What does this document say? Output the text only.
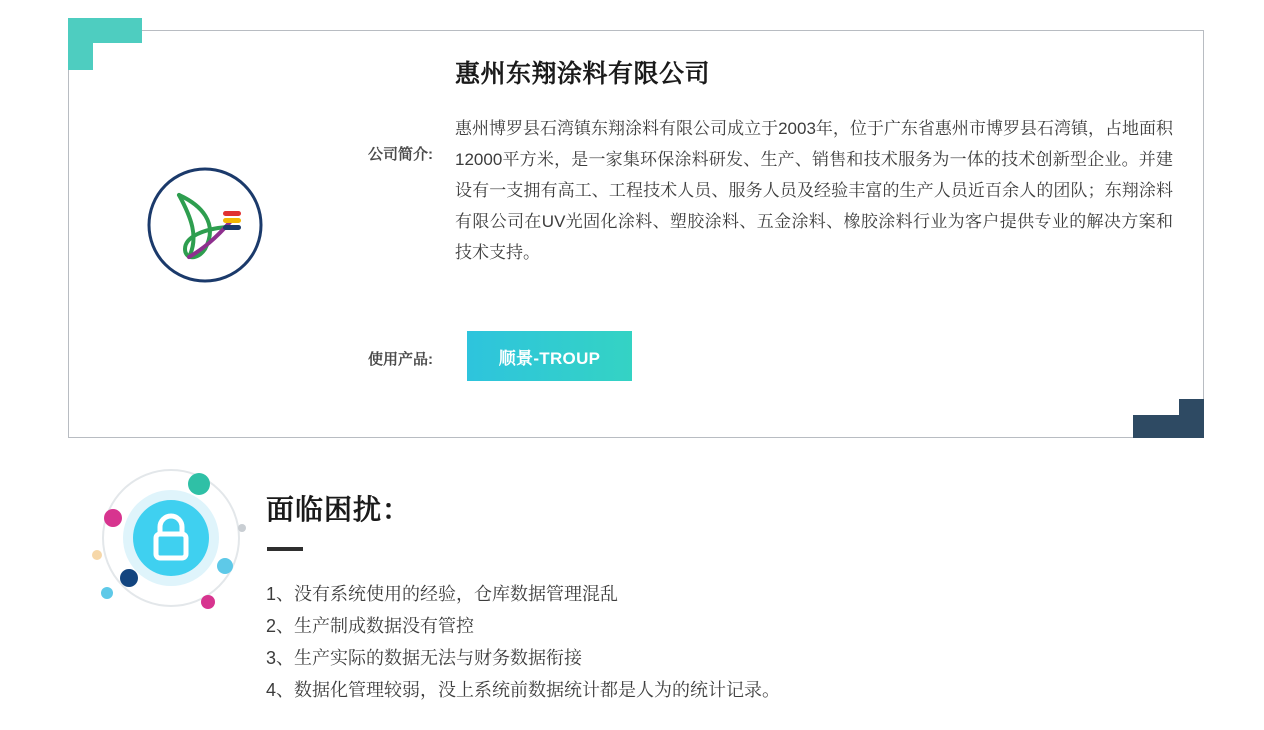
惠州东翔涂料有限公司
公司简介:
惠州博罗县石湾镇东翔涂料有限公司成立于2003年，位于广东省惠州市博罗县石湾镇，占地面积12000平方米，是一家集环保涂料研发、生产、销售和技术服务为一体的技术创新型企业。并建设有一支拥有高工、工程技术人员、服务人员及经验丰富的生产人员近百余人的团队；东翔涂料有限公司在UV光固化涂料、塑胶涂料、五金涂料、橡胶涂料行业为客户提供专业的解决方案和技术支持。
使用产品:	顺景-TROUP
面临困扰：
1、没有系统使用的经验，仓库数据管理混乱
2、生产制成数据没有管控
3、生产实际的数据无法与财务数据衔接
4、数据化管理较弱，没上系统前数据统计都是人为的统计记录。
